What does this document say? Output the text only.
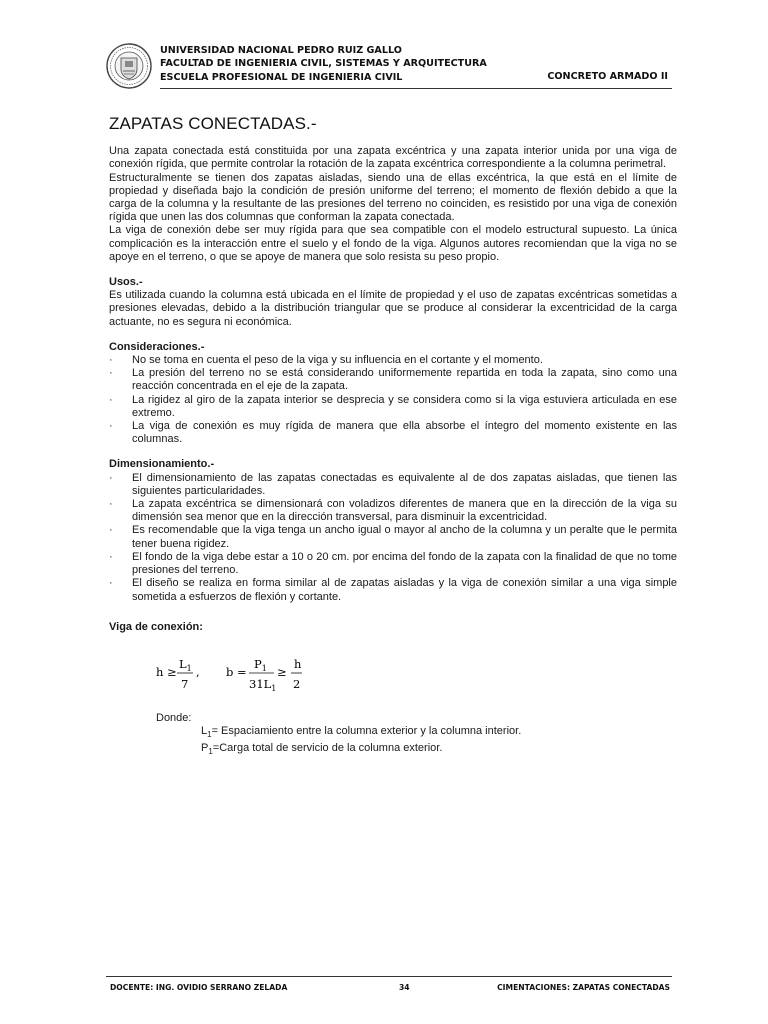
UNIVERSIDAD NACIONAL PEDRO RUIZ GALLO
FACULTAD DE INGENIERIA CIVIL, SISTEMAS Y ARQUITECTURA
ESCUELA PROFESIONAL DE INGENIERIA CIVIL	CONCRETO ARMADO II
ZAPATAS CONECTADAS.-

Una zapata conectada está constituida por una zapata excéntrica y una zapata interior unida por una viga de conexión rígida, que permite controlar la rotación de la zapata excéntrica correspondiente a la columna perimetral.

Estructuralmente se tienen dos zapatas aisladas, siendo una de ellas excéntrica, la que está en el límite de propiedad y diseñada bajo la condición de presión uniforme del terreno; el momento de flexión debido a que la carga de la columna y la resultante de las presiones del terreno no coinciden, es resistido por una viga de conexión rígida que unen las dos columnas que conforman la zapata conectada.

La viga de conexión debe ser muy rígida para que sea compatible con el modelo estructural supuesto. La única complicación es la interacción entre el suelo y el fondo de la viga. Algunos autores recomiendan que la viga no se apoye en el terreno, o que se apoye de manera que solo resista su peso propio.

Usos.-

Es utilizada cuando la columna está ubicada en el límite de propiedad y el uso de zapatas excéntricas sometidas a presiones elevadas, debido a la distribución triangular que se produce al considerar la excentricidad de la carga actuante, no es segura ni económica.

Consideraciones.-
· No se toma en cuenta el peso de la viga y su influencia en el cortante y el momento.
· La presión del terreno no se está considerando uniformemente repartida en toda la zapata, sino como una reacción concentrada en el eje de la zapata.
· La rigidez al giro de la zapata interior se desprecia y se considera como si la viga estuviera articulada en ese extremo.
· La viga de conexión es muy rígida de manera que ella absorbe el íntegro del momento existente en las columnas.
Dimensionamiento.-
· El dimensionamiento de las zapatas conectadas es equivalente al de dos zapatas aisladas, que tienen las siguientes particularidades.
· La zapata excéntrica se dimensionará con voladizos diferentes de manera que en la dirección de la viga su dimensión sea menor que en la dirección transversal, para disminuir la excentricidad.
· Es recomendable que la viga tenga un ancho igual o mayor al ancho de la columna y un peralte que le permita tener buena rigidez.
· El fondo de la viga debe estar a 10 o 20 cm. por encima del fondo de la zapata con la finalidad de que no tome presiones del terreno.
· El diseño se realiza en forma similar al de zapatas aisladas y la viga de conexión similar a una viga simple sometida a esfuerzos de flexión y cortante.
Viga de conexión:
h ≥
$L_1$
7
, b =
$P_1$
$31L_1$
≥
h
2
Donde:
$L_1=$ Espaciamiento entre la columna exterior y la columna interior.
$P_1=Carga$ total de servicio de la columna exterior.
DOCENTE: ING. OVIDIO SERRANO ZELADA	34	CIMENTACIONES: ZAPATAS CONECTADAS
